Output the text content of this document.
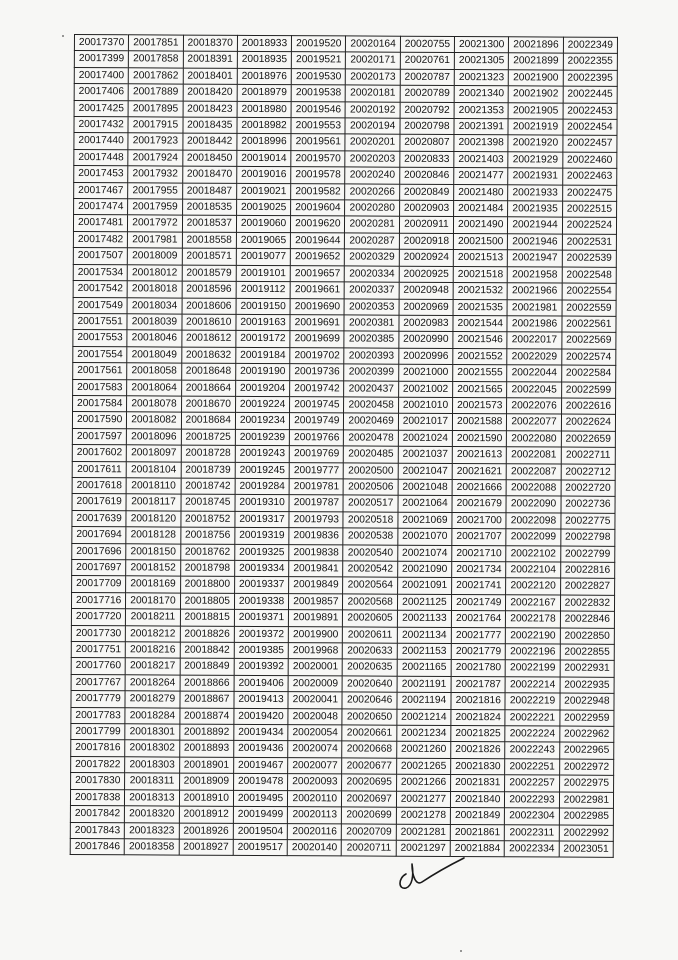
20017370	20017851	20018370	20018933	20019520	20020164	20020755	20021300	20021896	20022349
20017399	20017858	20018391	20018935	20019521	20020171	20020761	20021305	20021899	20022355
20017400	20017862	20018401	20018976	20019530	20020173	20020787	20021323	20021900	20022395
20017406	20017889	20018420	20018979	20019538	20020181	20020789	20021340	20021902	20022445
20017425	20017895	20018423	20018980	20019546	20020192	20020792	20021353	20021905	20022453
20017432	20017915	20018435	20018982	20019553	20020194	20020798	20021391	20021919	20022454
20017440	20017923	20018442	20018996	20019561	20020201	20020807	20021398	20021920	20022457
20017448	20017924	20018450	20019014	20019570	20020203	20020833	20021403	20021929	20022460
20017453	20017932	20018470	20019016	20019578	20020240	20020846	20021477	20021931	20022463
20017467	20017955	20018487	20019021	20019582	20020266	20020849	20021480	20021933	20022475
20017474	20017959	20018535	20019025	20019604	20020280	20020903	20021484	20021935	20022515
20017481	20017972	20018537	20019060	20019620	20020281	20020911	20021490	20021944	20022524
20017482	20017981	20018558	20019065	20019644	20020287	20020918	20021500	20021946	20022531
20017507	20018009	20018571	20019077	20019652	20020329	20020924	20021513	20021947	20022539
20017534	20018012	20018579	20019101	20019657	20020334	20020925	20021518	20021958	20022548
20017542	20018018	20018596	20019112	20019661	20020337	20020948	20021532	20021966	20022554
20017549	20018034	20018606	20019150	20019690	20020353	20020969	20021535	20021981	20022559
20017551	20018039	20018610	20019163	20019691	20020381	20020983	20021544	20021986	20022561
20017553	20018046	20018612	20019172	20019699	20020385	20020990	20021546	20022017	20022569
20017554	20018049	20018632	20019184	20019702	20020393	20020996	20021552	20022029	20022574
20017561	20018058	20018648	20019190	20019736	20020399	20021000	20021555	20022044	20022584
20017583	20018064	20018664	20019204	20019742	20020437	20021002	20021565	20022045	20022599
20017584	20018078	20018670	20019224	20019745	20020458	20021010	20021573	20022076	20022616
20017590	20018082	20018684	20019234	20019749	20020469	20021017	20021588	20022077	20022624
20017597	20018096	20018725	20019239	20019766	20020478	20021024	20021590	20022080	20022659
20017602	20018097	20018728	20019243	20019769	20020485	20021037	20021613	20022081	20022711
20017611	20018104	20018739	20019245	20019777	20020500	20021047	20021621	20022087	20022712
20017618	20018110	20018742	20019284	20019781	20020506	20021048	20021666	20022088	20022720
20017619	20018117	20018745	20019310	20019787	20020517	20021064	20021679	20022090	20022736
20017639	20018120	20018752	20019317	20019793	20020518	20021069	20021700	20022098	20022775
20017694	20018128	20018756	20019319	20019836	20020538	20021070	20021707	20022099	20022798
20017696	20018150	20018762	20019325	20019838	20020540	20021074	20021710	20022102	20022799
20017697	20018152	20018798	20019334	20019841	20020542	20021090	20021734	20022104	20022816
20017709	20018169	20018800	20019337	20019849	20020564	20021091	20021741	20022120	20022827
20017716	20018170	20018805	20019338	20019857	20020568	20021125	20021749	20022167	20022832
20017720	20018211	20018815	20019371	20019891	20020605	20021133	20021764	20022178	20022846
20017730	20018212	20018826	20019372	20019900	20020611	20021134	20021777	20022190	20022850
20017751	20018216	20018842	20019385	20019968	20020633	20021153	20021779	20022196	20022855
20017760	20018217	20018849	20019392	20020001	20020635	20021165	20021780	20022199	20022931
20017767	20018264	20018866	20019406	20020009	20020640	20021191	20021787	20022214	20022935
20017779	20018279	20018867	20019413	20020041	20020646	20021194	20021816	20022219	20022948
20017783	20018284	20018874	20019420	20020048	20020650	20021214	20021824	20022221	20022959
20017799	20018301	20018892	20019434	20020054	20020661	20021234	20021825	20022224	20022962
20017816	20018302	20018893	20019436	20020074	20020668	20021260	20021826	20022243	20022965
20017822	20018303	20018901	20019467	20020077	20020677	20021265	20021830	20022251	20022972
20017830	20018311	20018909	20019478	20020093	20020695	20021266	20021831	20022257	20022975
20017838	20018313	20018910	20019495	20020110	20020697	20021277	20021840	20022293	20022981
20017842	20018320	20018912	20019499	20020113	20020699	20021278	20021849	20022304	20022985
20017843	20018323	20018926	20019504	20020116	20020709	20021281	20021861	20022311	20022992
20017846	20018358	20018927	20019517	20020140	20020711	20021297	20021884	20022334	20023051
